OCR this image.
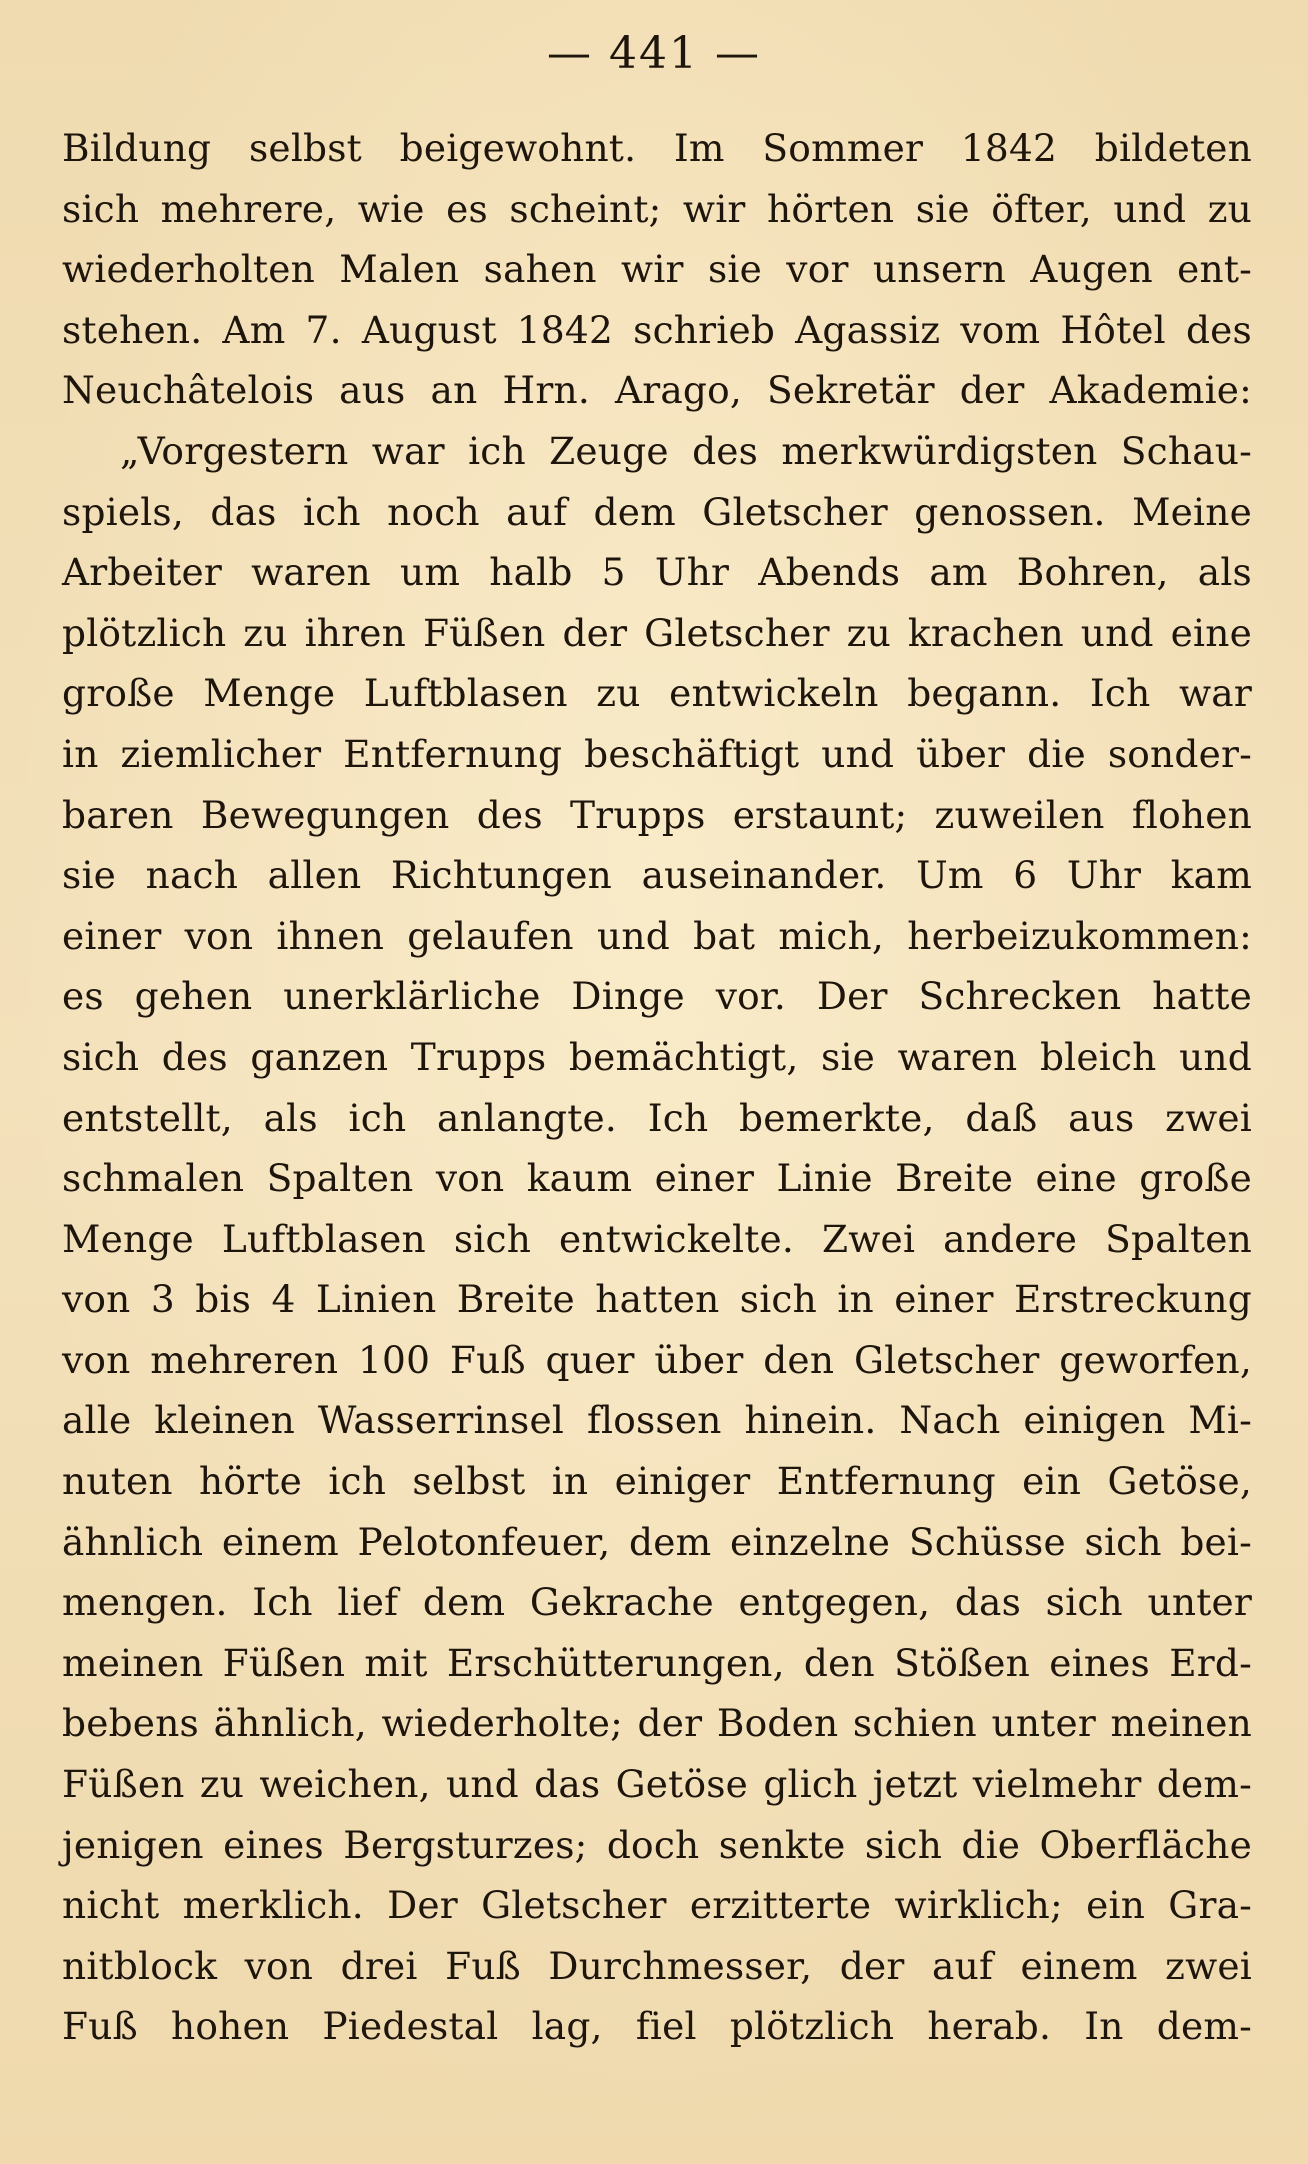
— 441 —
Bildung selbst beigewohnt. Im Sommer 1842 bildeten
sich mehrere, wie es scheint; wir hörten sie öfter, und zu
wiederholten Malen sahen wir sie vor unsern Augen ent-
stehen. Am 7. August 1842 schrieb Agassiz vom Hôtel des
Neuchâtelois aus an Hrn. Arago, Sekretär der Akademie:
„Vorgestern war ich Zeuge des merkwürdigsten Schau-
spiels, das ich noch auf dem Gletscher genossen. Meine
Arbeiter waren um halb 5 Uhr Abends am Bohren, als
plötzlich zu ihren Füßen der Gletscher zu krachen und eine
große Menge Luftblasen zu entwickeln begann. Ich war
in ziemlicher Entfernung beschäftigt und über die sonder-
baren Bewegungen des Trupps erstaunt; zuweilen flohen
sie nach allen Richtungen auseinander. Um 6 Uhr kam
einer von ihnen gelaufen und bat mich, herbeizukommen:
es gehen unerklärliche Dinge vor. Der Schrecken hatte
sich des ganzen Trupps bemächtigt, sie waren bleich und
entstellt, als ich anlangte. Ich bemerkte, daß aus zwei
schmalen Spalten von kaum einer Linie Breite eine große
Menge Luftblasen sich entwickelte. Zwei andere Spalten
von 3 bis 4 Linien Breite hatten sich in einer Erstreckung
von mehreren 100 Fuß quer über den Gletscher geworfen,
alle kleinen Wasserrinsel flossen hinein. Nach einigen Mi-
nuten hörte ich selbst in einiger Entfernung ein Getöse,
ähnlich einem Pelotonfeuer, dem einzelne Schüsse sich bei-
mengen. Ich lief dem Gekrache entgegen, das sich unter
meinen Füßen mit Erschütterungen, den Stößen eines Erd-
bebens ähnlich, wiederholte; der Boden schien unter meinen
Füßen zu weichen, und das Getöse glich jetzt vielmehr dem-
jenigen eines Bergsturzes; doch senkte sich die Oberfläche
nicht merklich. Der Gletscher erzitterte wirklich; ein Gra-
nitblock von drei Fuß Durchmesser, der auf einem zwei
Fuß hohen Piedestal lag, fiel plötzlich herab. In dem-
